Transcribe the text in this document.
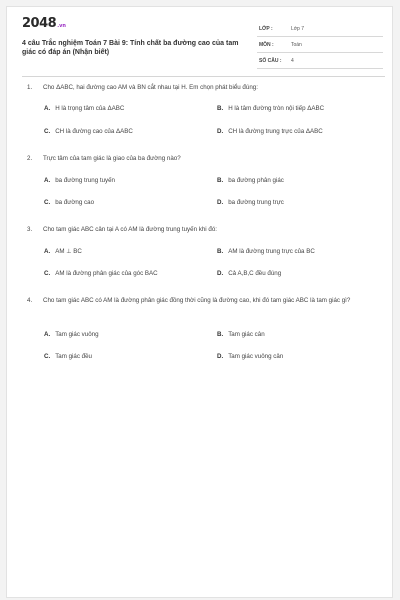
2048.vn
4 câu Trắc nghiệm Toán 7 Bài 9: Tính chất ba đường cao của tam giác có đáp án (Nhận biết)
LỚP :	Lớp 7
MÔN :	Toán
SỐ CÂU : 4
1. Cho ΔABC, hai đường cao AM và BN cắt nhau tại H. Em chọn phát biểu đúng:
A. H là trọng tâm của ΔABC	B. H là tâm đường tròn nội tiếp ΔABC
C. CH là đường cao của ΔABC	D. CH là đường trung trực của ΔABC
2. Trực tâm của tam giác là giao của ba đường nào?
A. ba đường trung tuyến	B. ba đường phân giác
C. ba đường cao	D. ba đường trung trực
3. Cho tam giác ABC cân tại A có AM là đường trung tuyến khi đó:
A. AM ⊥ BC	B. AM là đường trung trực của BC
C. AM là đường phân giác của góc BAC	D. Cả A,B,C đều đúng
4. Cho tam giác ABC có AM là đường phân giác đồng thời cũng là đường cao, khi đó tam giác ABC là tam giác gì?
A. Tam giác vuông	B. Tam giác cân
C. Tam giác đều	D. Tam giác vuông cân
